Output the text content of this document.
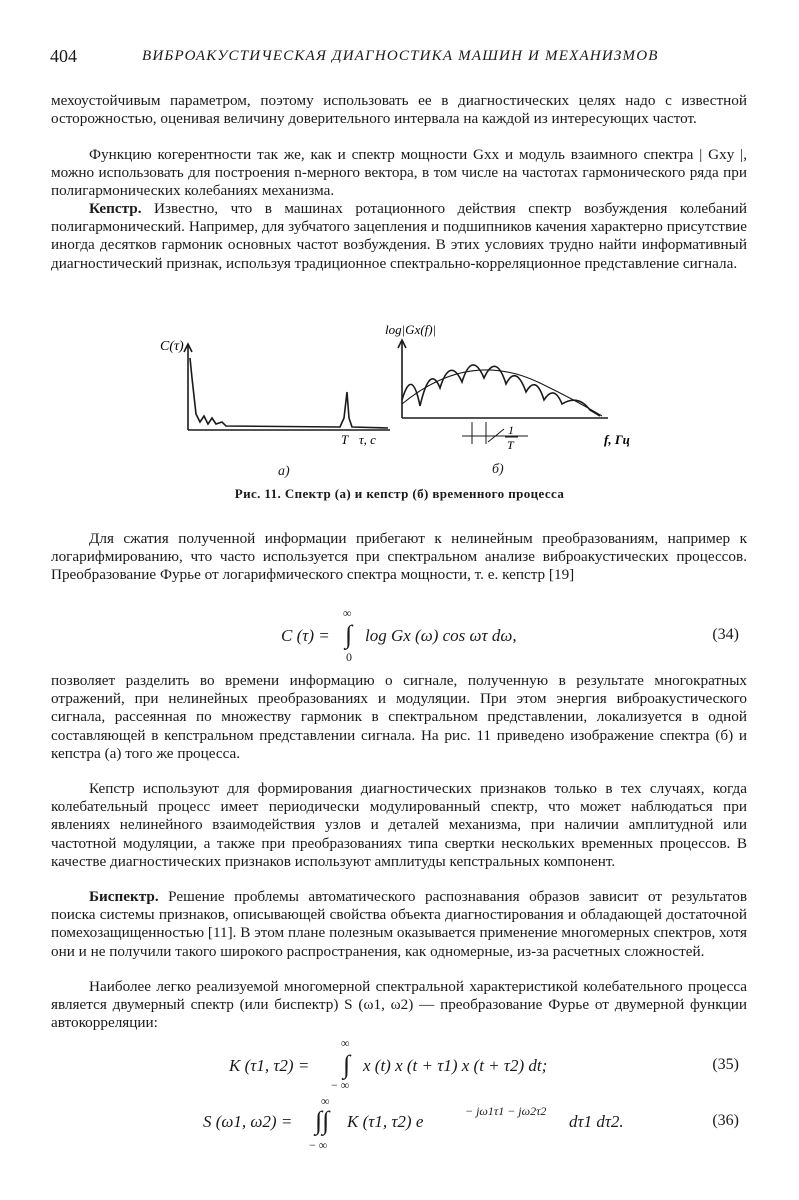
404	ВИБРОАКУСТИЧЕСКАЯ ДИАГНОСТИКА МАШИН И МЕХАНИЗМОВ

мехоустойчивым параметром, поэтому использовать ее в диагностических целях надо с известной осторожностью, оценивая величину доверительного интервала на каждой из интересующих частот.

Функцию когерентности так же, как и спектр мощности Gxx и модуль взаимного спектра | Gxy |, можно использовать для построения n-мерного вектора, в том числе на частотах гармонического ряда при полигармонических колебаниях механизма.

Кепстр. Известно, что в машинах ротационного действия спектр возбуждения колебаний полигармонический. Например, для зубчатого зацепления и подшипников качения характерно присутствие иногда десятков гармоник основных частот возбуждения. В этих условиях трудно найти информативный диагностический признак, используя традиционное спектрально-корреляционное представление сигнала.

C(τ)
T τ, с
log|Gx(f)|
1
T	f, Гц
а)	б)
Рис. 11. Спектр (а) и кепстр (б) временного процесса

Для сжатия полученной информации прибегают к нелинейным преобразованиям, например к логарифмированию, что часто используется при спектральном анализе виброакустических процессов. Преобразование Фурье от логарифмического спектра мощности, т. е. кепстр [19]

C (τ) = ∫
∞
0
log Gx (ω) cos ωτ dω,	(34)

позволяет разделить во времени информацию о сигнале, полученную в результате многократных отражений, при нелинейных преобразованиях и модуляции. При этом энергия виброакустического сигнала, рассеянная по множеству гармоник в спектральном представлении, локализуется в одной составляющей в кепстральном представлении сигнала. На рис. 11 приведено изображение спектра (б) и кепстра (а) того же процесса.

Кепстр используют для формирования диагностических признаков только в тех случаях, когда колебательный процесс имеет периодически модулированный спектр, что может наблюдаться при явлениях нелинейного взаимодействия узлов и деталей механизма, при наличии амплитудной или частотной модуляции, а также при преобразованиях типа свертки нескольких временных процессов. В качестве диагностических признаков используют амплитуды кепстральных компонент.

Биспектр. Решение проблемы автоматического распознавания образов зависит от результатов поиска системы признаков, описывающей свойства объекта диагностирования и обладающей достаточной помехозащищенностью [11]. В этом плане полезным оказывается применение многомерных спектров, хотя они и не получили такого широкого распространения, как одномерные, из-за расчетных сложностей.

Наиболее легко реализуемой многомерной спектральной характеристикой колебательного процесса является двумерный спектр (или биспектр) S (ω1, ω2) — преобразование Фурье от двумерной функции автокорреляции:

K (τ1, τ2) = ∫
∞
− ∞
x (t) x (t + τ1) x (t + τ2) dt;	(35)
S (ω1, ω2) = ∫∫
∞
− ∞
K (τ1, τ2) e
− jω1τ1 − jω2τ2
dτ1 dτ2.	(36)
